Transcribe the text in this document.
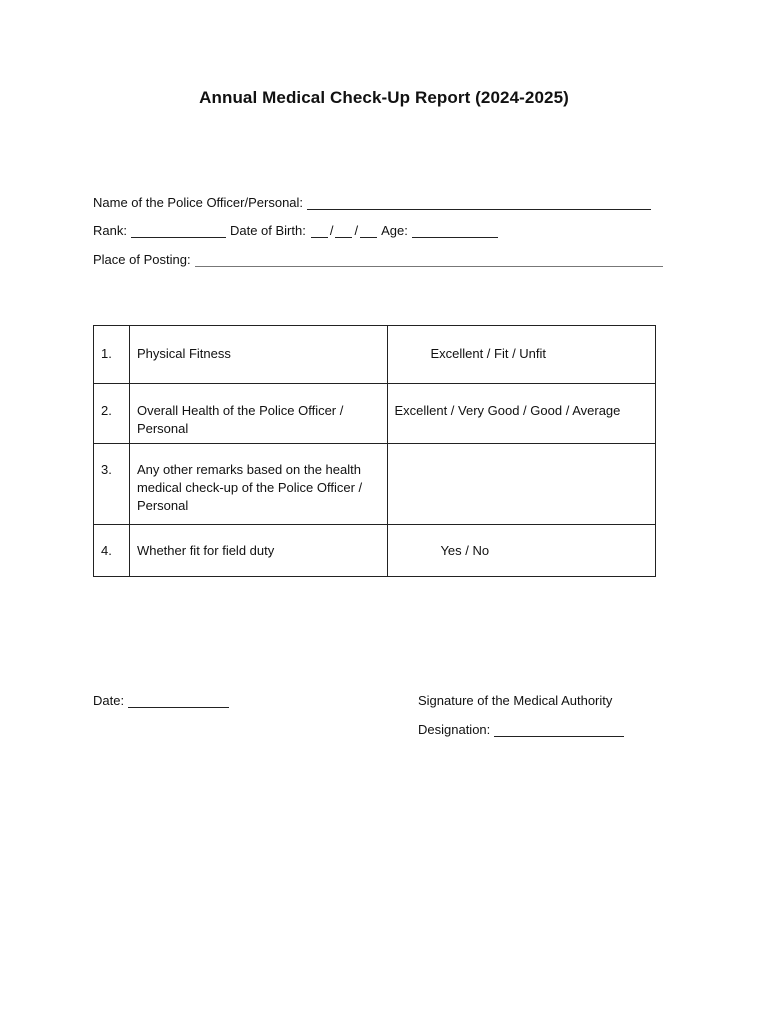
Annual Medical Check-Up Report (2024-2025)
Name of the Police Officer/Personal:
Rank:	Date of Birth: / / Age:
Place of Posting:
1.	Physical Fitness	Excellent / Fit / Unfit

2.	Overall Health of the Police Officer / Personal	Excellent / Very Good / Good / Average

3.	Any other remarks based on the health medical check-up of the Police Officer / Personal	

4.	Whether fit for field duty	Yes / No
Date:	Signature of the Medical Authority
Designation:
